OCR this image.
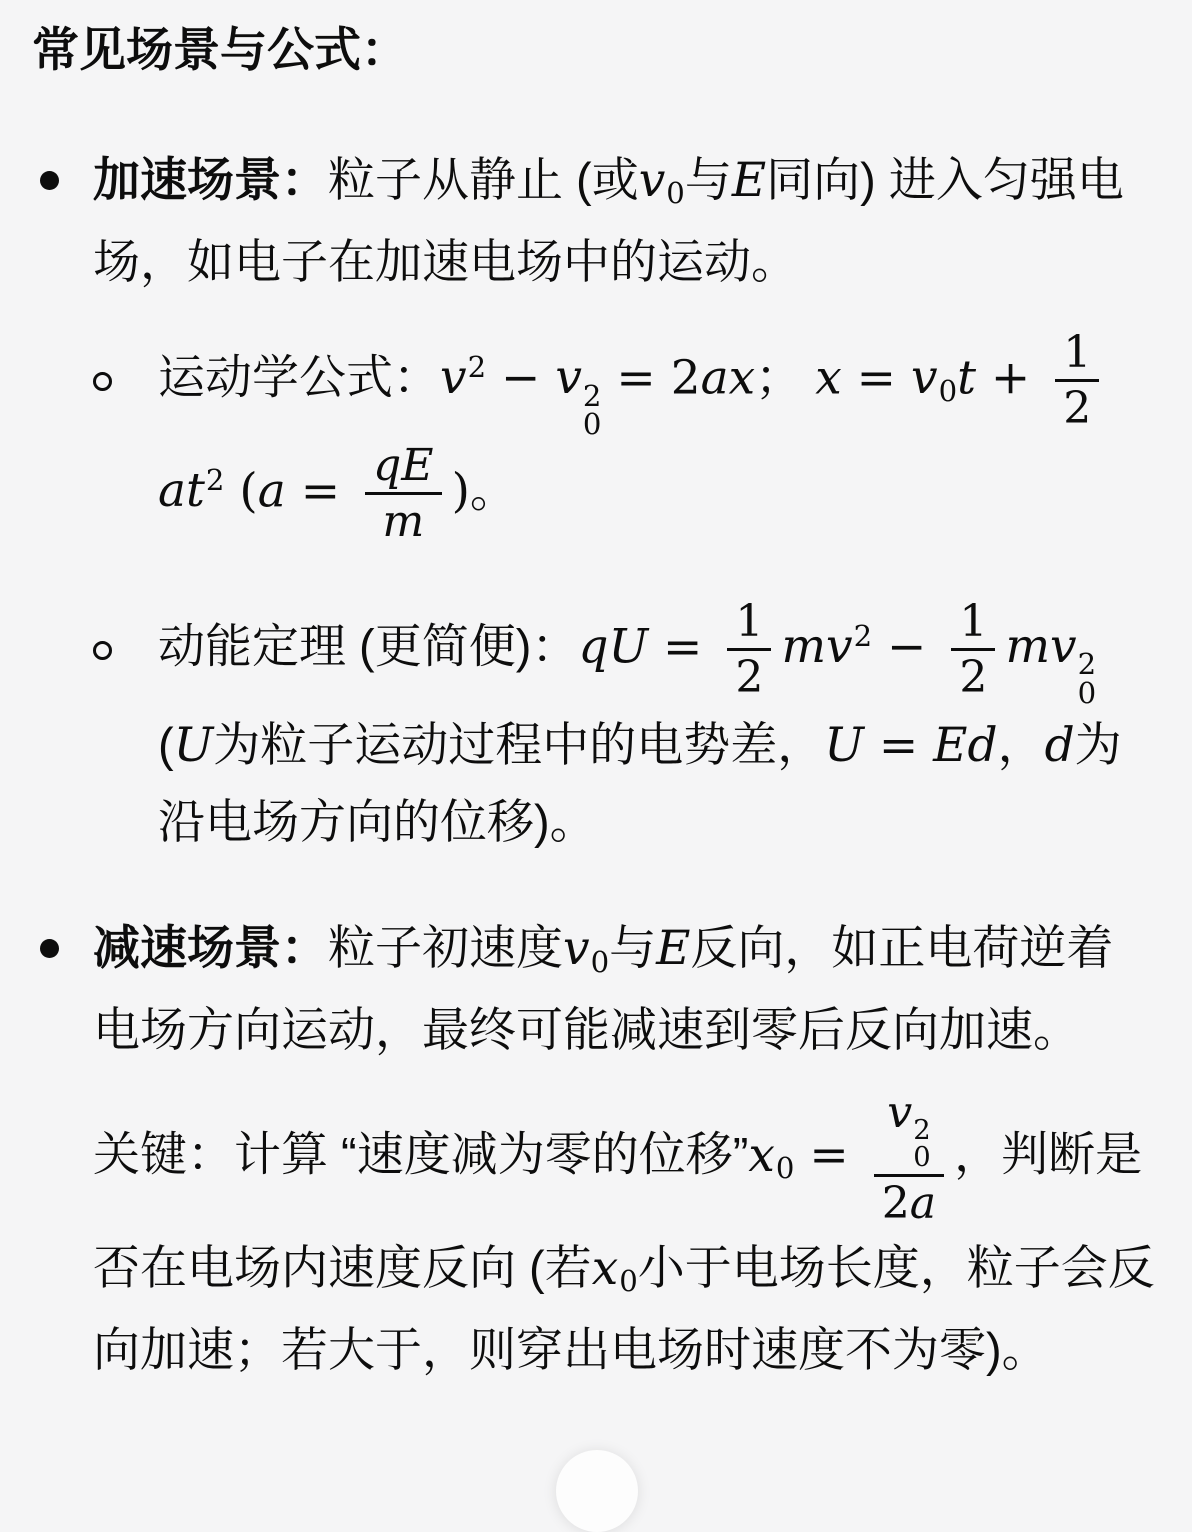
常见场景与公式：
加速场景：粒子从静止 (或v0与E同向) 进入匀强电场，如电子在加速电场中的运动。
运动学公式：$v^2 - v$ 2
0
= 2ax； $x = v0t + \frac{1}{2}$
$at^2$ ($a = \frac{qE}{m}$ )。
动能定理 (更简便)：qU = $\frac{1}{2} mv^2 - \frac{1}{2}$ mv 2
0
(U为粒子运动过程中的电势差，U = Ed，d为沿电场方向的位移)。
减速场景：粒子初速度v0与E反向，如正电荷逆着电场方向运动，最终可能减速到零后反向加速。
关键：计算 “速度减为零的位移”x0 = v 2
0
2a ，判断是否在电场内速度反向 (若x0小于电场长度，粒子会反向加速；若大于，则穿出电场时速度不为零)。
